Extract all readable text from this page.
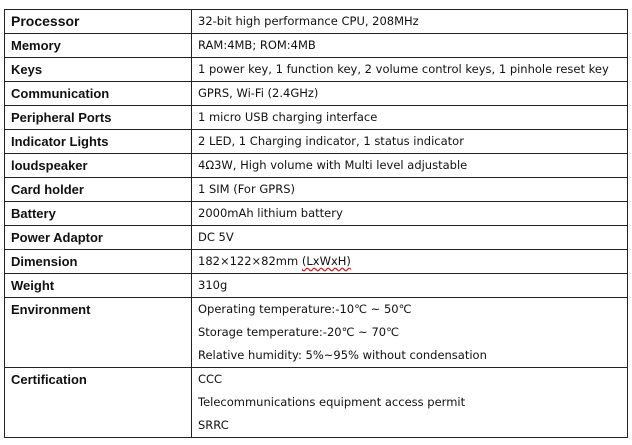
Processor	32-bit high performance CPU, 208MHz
Memory	RAM:4MB; ROM:4MB
Keys	1 power key, 1 function key, 2 volume control keys, 1 pinhole reset key
Communication	GPRS, Wi-Fi (2.4GHz)
Peripheral Ports	1 micro USB charging interface
Indicator Lights	2 LED, 1 Charging indicator, 1 status indicator
loudspeaker	4Ω3W, High volume with Multi level adjustable
Card holder	1 SIM (For GPRS)
Battery	2000mAh lithium battery
Power Adaptor	DC 5V
Dimension	182×122×82mm (LxWxH)
Weight	310g
Environment	Operating temperature:-10℃ ~ 50℃
Storage temperature:-20℃ ~ 70℃
Relative humidity: 5%~95% without condensation

Certification	CCC
Telecommunications equipment access permit
SRRC
